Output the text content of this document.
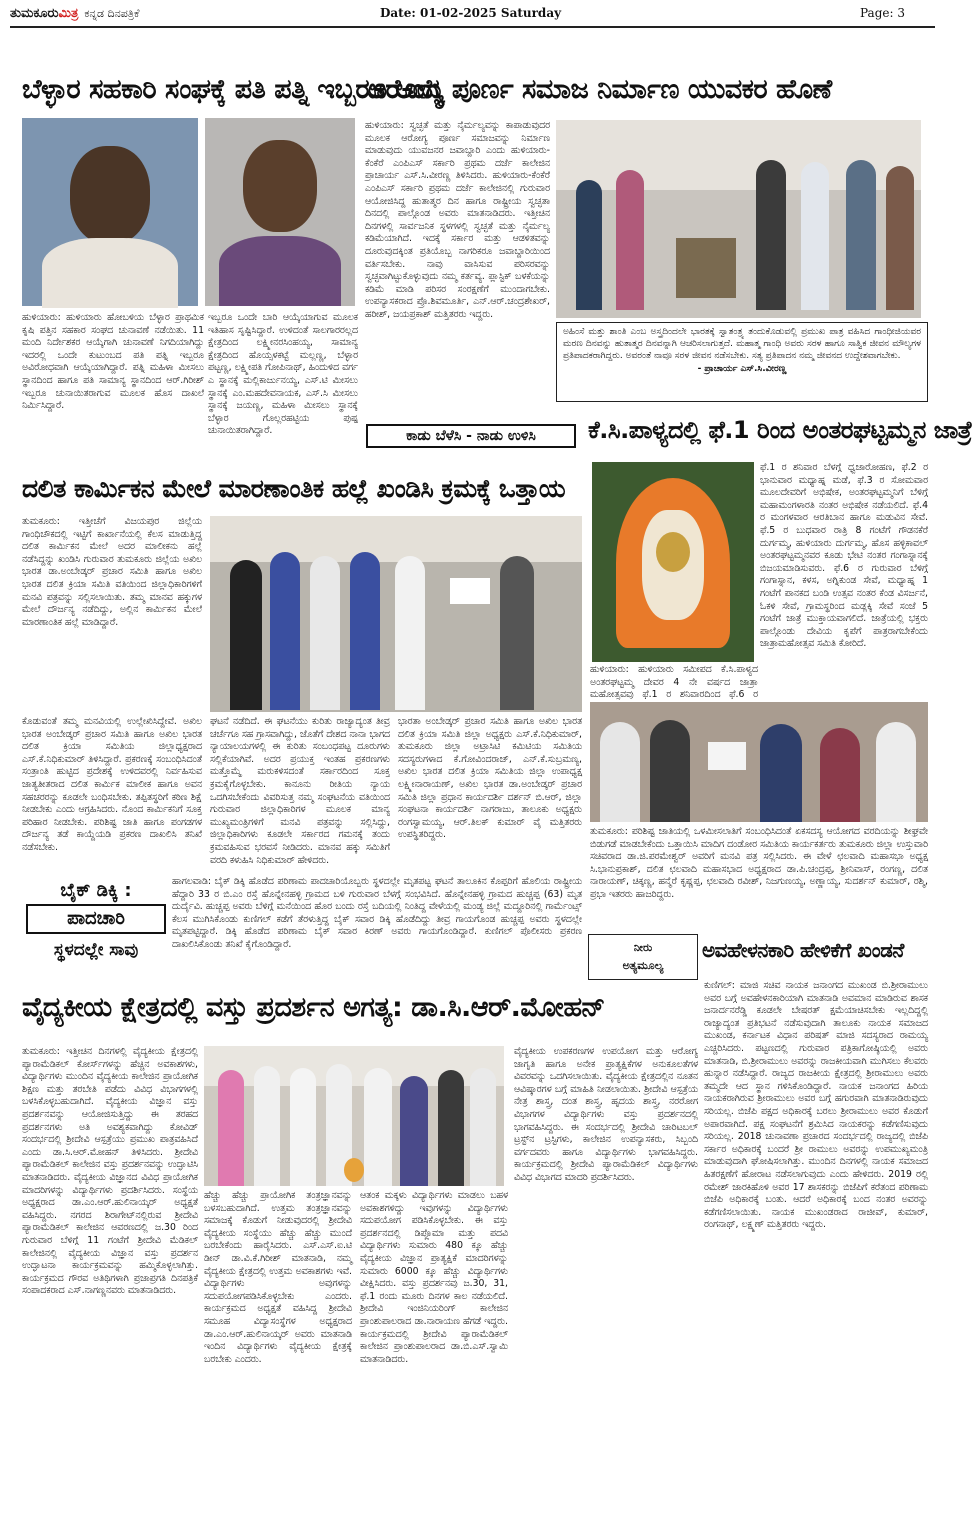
ತುಮಕೂರುಮಿತ್ರ ಕನ್ನಡ ದಿನಪತ್ರಿಕೆ	Date: 01-02-2025 Saturday	Page: 3
ಬೆಳ್ಳಾರ ಸಹಕಾರಿ ಸಂಘಕ್ಕೆ ಪತಿ ಪತ್ನಿ ಇಬ್ಬರೂ ಆಯ್ಕೆ
ಹುಳಿಯಾರು: ಹುಳಿಯಾರು ಹೋಬಳಿಯ ಬೆಳ್ಳಾರ ಪ್ರಾಥಮಿಕ ಕೃಷಿ ಪತ್ತಿನ ಸಹಕಾರ ಸಂಘದ ಚುನಾವಣೆ ನಡೆಯಿತು. 11 ಮಂದಿ ನಿರ್ದೇಶಕರ ಆಯ್ಕೆಗಾಗಿ ಚುನಾವಣೆ ನಿಗದಿಯಾಗಿದ್ದು ಇದರಲ್ಲಿ ಒಂದೇ ಕುಟುಂಬದ ಪತಿ ಪತ್ನಿ ಇಬ್ಬರೂ ಅವಿರೋಧವಾಗಿ ಆಯ್ಕೆಯಾಗಿದ್ದಾರೆ. ಪತ್ನಿ ಮಹಿಳಾ ಮೀಸಲು ಸ್ಥಾನದಿಂದ ಹಾಗೂ ಪತಿ ಸಾಮಾನ್ಯ ಸ್ಥಾನದಿಂದ ಆರ್.ಗಿರೀಶ್ ಇಬ್ಬರೂ ಚುನಾಯಿತರಾಗುವ ಮೂಲಕ ಹೊಸ ದಾಖಲೆ ನಿರ್ಮಿಸಿದ್ದಾರೆ.
ಇಬ್ಬರೂ ಒಂದೇ ಬಾರಿ ಆಯ್ಕೆಯಾಗುವ ಮೂಲಕ ಇತಿಹಾಸ ಸೃಷ್ಟಿಸಿದ್ದಾರೆ. ಉಳಿದಂತೆ ಸಾಲಗಾರರಲ್ಲದ ಕ್ಷೇತ್ರದಿಂದ ಲಕ್ಷ್ಮೀನರಸಿಂಹಯ್ಯ, ಸಾಮಾನ್ಯ ಕ್ಷೇತ್ರದಿಂದ ಹೊಯ್ಸಳಕಟ್ಟೆ ಮಲ್ಲಣ್ಣ, ಬೆಳ್ಳಾರ ಪಟ್ಟಣ್ಣ, ಲಕ್ಷ್ಮೀಪತಿ ಗೋಪಿನಾಥ್, ಹಿಂದುಳಿದ ವರ್ಗ ಎ ಸ್ಥಾನಕ್ಕೆ ಮಲ್ಲಿಕಾರ್ಜುನಯ್ಯ, ಎಸ್.ಟಿ ಮೀಸಲು ಸ್ಥಾನಕ್ಕೆ ಎಂ.ಮಹದೇವನಾಯಕ, ಎಸ್.ಸಿ ಮೀಸಲು ಸ್ಥಾನಕ್ಕೆ ಜಯಣ್ಣ, ಮಹಿಳಾ ಮೀಸಲು ಸ್ಥಾನಕ್ಕೆ ಬೆಳ್ಳಾರ ಗೊಲ್ಲರಹಟ್ಟಿಯ ಪುಷ್ಪ ಚುನಾಯಿತರಾಗಿದ್ದಾರೆ.
ಆರೋಗ್ಯ ಪೂರ್ಣ ಸಮಾಜ ನಿರ್ಮಾಣ ಯುವಕರ ಹೊಣೆ
ಹುಳಿಯಾರು: ಸ್ವಚ್ಛತೆ ಮತ್ತು ನೈರ್ಮಲ್ಯವನ್ನು ಕಾಪಾಡುವುದರ ಮೂಲಕ ಆರೋಗ್ಯ ಪೂರ್ಣ ಸಮಾಜವನ್ನು ನಿರ್ಮಾಣ ಮಾಡುವುದು ಯುವಜನರ ಜವಾಬ್ದಾರಿ ಎಂದು ಹುಳಿಯಾರು-ಕೆಂಕೆರೆ ಎಂಪಿಎಸ್ ಸರ್ಕಾರಿ ಪ್ರಥಮ ದರ್ಜೆ ಕಾಲೇಜಿನ ಪ್ರಾಚಾರ್ಯ ಎಸ್.ಸಿ.ವೀರಣ್ಣ ತಿಳಿಸಿದರು. ಹುಳಿಯಾರು-ಕೆಂಕೆರೆ ಎಂಪಿಎಸ್ ಸರ್ಕಾರಿ ಪ್ರಥಮ ದರ್ಜೆ ಕಾಲೇಜಿನಲ್ಲಿ ಗುರುವಾರ ಆಯೋಜಿಸಿದ್ದ ಹುತಾತ್ಮರ ದಿನ ಹಾಗೂ ರಾಷ್ಟ್ರೀಯ ಸ್ವಚ್ಛತಾ ದಿನದಲ್ಲಿ ಪಾಲ್ಗೊಂಡ ಅವರು ಮಾತನಾಡಿದರು. ಇತ್ತೀಚಿನ ದಿನಗಳಲ್ಲಿ ಸಾರ್ವಜನಿಕ ಸ್ಥಳಗಳಲ್ಲಿ ಸ್ವಚ್ಛತೆ ಮತ್ತು ನೈರ್ಮಲ್ಯ ಕಡಿಮೆಯಾಗಿದೆ. ಇದಕ್ಕೆ ಸರ್ಕಾರ ಮತ್ತು ಆಡಳಿತವನ್ನು ದೂರುವುದಕ್ಕಿಂತ ಪ್ರತಿಯೊಬ್ಬ ನಾಗರಿಕರೂ ಜವಾಬ್ದಾರಿಯಿಂದ ವರ್ತಿಸಬೇಕು. ನಾವು ವಾಸಿಸುವ ಪರಿಸರವನ್ನು ಸ್ವಚ್ಛವಾಗಿಟ್ಟುಕೊಳ್ಳುವುದು ನಮ್ಮ ಕರ್ತವ್ಯ. ಪ್ಲಾಸ್ಟಿಕ್ ಬಳಕೆಯನ್ನು ಕಡಿಮೆ ಮಾಡಿ ಪರಿಸರ ಸಂರಕ್ಷಣೆಗೆ ಮುಂದಾಗಬೇಕು. ಉಪನ್ಯಾಸಕರಾದ ಪ್ರೊ.ಶಿವಮೂರ್ತಿ, ಎನ್.ಆರ್.ಚಂದ್ರಶೇಖರ್, ಹರೀಶ್, ಜಯಪ್ರಕಾಶ್ ಮತ್ತಿತರರು ಇದ್ದರು.
ಅಹಿಂಸೆ ಮತ್ತು ಶಾಂತಿ ಎಂಬ ಅಸ್ತ್ರದಿಂದಲೇ ಭಾರತಕ್ಕೆ ಸ್ವಾತಂತ್ರ್ಯ ತಂದುಕೊಡುವಲ್ಲಿ ಪ್ರಮುಖ ಪಾತ್ರ ವಹಿಸಿದ ಗಾಂಧೀಜಿಯವರ ಮರಣ ದಿನವನ್ನು ಹುತಾತ್ಮರ ದಿನವನ್ನಾಗಿ ಆಚರಿಸಲಾಗುತ್ತದೆ. ಮಹಾತ್ಮ ಗಾಂಧಿ ಅವರು ಸರಳ ಹಾಗೂ ಸಾತ್ವಿಕ ಜೀವನ ಮೌಲ್ಯಗಳ ಪ್ರತಿಪಾದಕರಾಗಿದ್ದರು. ಅವರಂತೆ ನಾವೂ ಸರಳ ಜೀವನ ನಡೆಸಬೇಕು. ಸತ್ಯ ಪ್ರತಿಪಾದನ ನಮ್ಮ ಜೀವನದ ಉದ್ದೇಶವಾಗಬೇಕು.
- ಪ್ರಾಚಾರ್ಯ ಎಸ್.ಸಿ.ವೀರಣ್ಣ
ಕಾಡು ಬೆಳೆಸಿ - ನಾಡು ಉಳಿಸಿ	ಕೆ.ಸಿ.ಪಾಳ್ಯದಲ್ಲಿ ಫೆ.1 ರಿಂದ ಅಂತರಘಟ್ಟಮ್ಮನ ಜಾತ್ರೆ
ಹುಳಿಯಾರು: ಹುಳಿಯಾರು ಸಮೀಪದ ಕೆ.ಸಿ.ಪಾಳ್ಯದ ಅಂತರಘಟ್ಟಮ್ಮ ದೇವರ 4 ನೇ ವರ್ಷದ ಜಾತ್ರಾ ಮಹೋತ್ಸವವು ಫೆ.1 ರ ಶನಿವಾರದಿಂದ ಫೆ.6 ರ
ಫೆ.1 ರ ಶನಿವಾರ ಬೆಳಗ್ಗೆ ಧ್ವಜಾರೋಹಣ, ಫೆ.2 ರ ಭಾನುವಾರ ಮಧ್ಯಾಹ್ನ ಮಡೆ, ಫೆ.3 ರ ಸೋಮವಾರ ಮೂಲದೇವರಿಗೆ ಅಭಿಷೇಕ, ಅಂತರಘಟ್ಟಮ್ಮನಿಗೆ ಬೆಳಿಗ್ಗೆ ಮಹಾಮಂಗಳಾರತಿ ನಂತರ ಅಭಿಷೇಕ ನಡೆಯಲಿದೆ. ಫೆ.4 ರ ಮಂಗಳವಾರ ಆರತಿಬಾನ ಹಾಗೂ ಮಡುವಿನ ಸೇವೆ. ಫೆ.5 ರ ಬುಧವಾರ ರಾತ್ರಿ 8 ಗಂಟೆಗೆ ಗೌಡನಕೆರೆ ದುರ್ಗಮ್ಮ, ಹುಳಿಯಾರು ದುರ್ಗಮ್ಮ, ಹೊಸ ಹಳ್ಳಿಕಾವಲ್ ಅಂತರಘಟ್ಟಮ್ಮನವರ ಕೂಡು ಭೇಟಿ ನಂತರ ಗಂಗಾಸ್ನಾನಕ್ಕೆ ಬಿಜಯಮಾಡಿಸುವರು. ಫೆ.6 ರ ಗುರುವಾರ ಬೆಳಿಗ್ಗೆ ಗಂಗಾಸ್ನಾನ, ಕಳಸ, ಅಗ್ನಿಕುಂಡ ಸೇವೆ, ಮಧ್ಯಾಹ್ನ 1 ಗಂಟೆಗೆ ಪಾನಕದ ಬಂಡಿ ಉತ್ಸವ ನಂತರ ಕೆಂಡ ವಿಸರ್ಜನೆ, ಓಕಳಿ ಸೇವೆ, ಗ್ರಾಮಸ್ಥರಿಂದ ಮಡ್ಲಕ್ಕಿ ಸೇವೆ ಸಂಜೆ 5 ಗಂಟೆಗೆ ಜಾತ್ರೆ ಮುಕ್ತಾಯವಾಗಲಿದೆ. ಜಾತ್ರೆಯಲ್ಲಿ ಭಕ್ತರು ಪಾಲ್ಗೊಂಡು ದೇವಿಯ ಕೃಪೆಗೆ ಪಾತ್ರರಾಗಬೇಕೆಂದು ಜಾತ್ರಾಮಹೋತ್ಸವ ಸಮಿತಿ ಕೋರಿದೆ.
ದಲಿತ ಕಾರ್ಮಿಕನ ಮೇಲೆ ಮಾರಣಾಂತಿಕ ಹಲ್ಲೆ ಖಂಡಿಸಿ ಕ್ರಮಕ್ಕೆ ಒತ್ತಾಯ
ತುಮಕೂರು: ಇತ್ತೀಚೆಗೆ ವಿಜಯಪುರ ಜಿಲ್ಲೆಯ ಗಾಂಧಿಚೌಕದಲ್ಲಿ ಇಟ್ಟಿಗೆ ಕಾರ್ಖಾನೆಯಲ್ಲಿ ಕೆಲಸ ಮಾಡುತ್ತಿದ್ದ ದಲಿತ ಕಾರ್ಮಿಕನ ಮೇಲೆ ಅದರ ಮಾಲೀಕನು ಹಲ್ಲೆ ನಡೆಸಿದ್ದನ್ನು ಖಂಡಿಸಿ ಗುರುವಾರ ತುಮಕೂರು ಜಿಲ್ಲೆಯ ಅಖಿಲ ಭಾರತ ಡಾ.ಅಂಬೇಡ್ಕರ್ ಪ್ರಚಾರ ಸಮಿತಿ ಹಾಗೂ ಅಖಿಲ ಭಾರತ ದಲಿತ ಕ್ರಿಯಾ ಸಮಿತಿ ವತಿಯಿಂದ ಜಿಲ್ಲಾಧಿಕಾರಿಗಳಿಗೆ ಮನವಿ ಪತ್ರವನ್ನು ಸಲ್ಲಿಸಲಾಯಿತು. ತಮ್ಮ ಮಾನವ ಹಕ್ಕುಗಳ ಮೇಲೆ ದೌರ್ಜನ್ಯ ನಡೆದಿದ್ದು, ಅಲ್ಲಿನ ಕಾರ್ಮಿಕನ ಮೇಲೆ ಮಾರಣಾಂತಿಕ ಹಲ್ಲೆ ಮಾಡಿದ್ದಾರೆ.
ಕೊಡುವಂತೆ ತಮ್ಮ ಮನವಿಯಲ್ಲಿ ಉಲ್ಲೇಖಿಸಿದ್ದೇವೆ. ಅಖಿಲ ಭಾರತ ಅಂಬೇಡ್ಕರ್ ಪ್ರಚಾರ ಸಮಿತಿ ಹಾಗೂ ಅಖಿಲ ಭಾರತ ದಲಿತ ಕ್ರಿಯಾ ಸಮಿತಿಯ ಜಿಲ್ಲಾಧ್ಯಕ್ಷರಾದ ಎಸ್.ಕೆ.ನಿಧಿಕುಮಾರ್ ತಿಳಿಸಿದ್ದಾರೆ. ಪ್ರಕರಣಕ್ಕೆ ಸಂಬಂಧಿಸಿದಂತೆ ಸಂತ್ರಾಂತಿ ಹುಟ್ಟಿದ ಪ್ರದೇಶಕ್ಕೆ ಉಳಿದವರಲ್ಲಿ ನಿರ್ವಹಿಸುವ ಜಾತ್ಯತೀತರಾದ ದಲಿತ ಕಾರ್ಮಿಕ ಮಾಲೀಕ ಹಾಗೂ ಅವನ ಸಹಚರರನ್ನು ಕೂಡಲೇ ಬಂಧಿಸಬೇಕು. ತಪ್ಪಿತಸ್ಥರಿಗೆ ಕಠಿಣ ಶಿಕ್ಷೆ ನೀಡಬೇಕು ಎಂದು ಆಗ್ರಹಿಸಿದರು. ನೊಂದ ಕಾರ್ಮಿಕನಿಗೆ ಸೂಕ್ತ ಪರಿಹಾರ ನೀಡಬೇಕು. ಪರಿಶಿಷ್ಟ ಜಾತಿ ಹಾಗೂ ಪಂಗಡಗಳ ದೌರ್ಜನ್ಯ ತಡೆ ಕಾಯ್ದೆಯಡಿ ಪ್ರಕರಣ ದಾಖಲಿಸಿ ತನಿಖೆ ನಡೆಸಬೇಕು.
ಘಟನೆ ನಡೆದಿದೆ. ಈ ಘಟನೆಯು ಕುರಿತು ರಾಜ್ಯಾದ್ಯಂತ ತೀವ್ರ ಚರ್ಚೆಗೂ ಸಹ ಗ್ರಾಸವಾಗಿದ್ದು, ಜೊತೆಗೆ ದೇಶದ ನಾನಾ ಭಾಗದ ನ್ಯಾಯಾಲಯಗಳಲ್ಲಿ ಈ ಕುರಿತು ಸಂಬಂಧಪಟ್ಟ ದೂರುಗಳು ಸಲ್ಲಿಕೆಯಾಗಿವೆ. ಅದರ ಪ್ರಯುಕ್ತ ಇಂತಹ ಪ್ರಕರಣಗಳು ಮತ್ತೊಮ್ಮೆ ಮರುಕಳಿಸದಂತೆ ಸರ್ಕಾರದಿಂದ ಸೂಕ್ತ ಕ್ರಮಕೈಗೊಳ್ಳಬೇಕು. ಕಾನೂನು ರೀತಿಯ ನ್ಯಾಯ ಒದಗಿಸಬೇಕೆಂದು ವಿವರಿಸುತ್ತ ನಮ್ಮ ಸಂಘಟನೆಯ ವತಿಯಿಂದ ಗುರುವಾರ ಜಿಲ್ಲಾಧಿಕಾರಿಗಳ ಮೂಲಕ ಮಾನ್ಯ ಮುಖ್ಯಮಂತ್ರಿಗಳಿಗೆ ಮನವಿ ಪತ್ರವನ್ನು ಸಲ್ಲಿಸಿದ್ದು, ಜಿಲ್ಲಾಧಿಕಾರಿಗಳು ಕೂಡಲೇ ಸರ್ಕಾರದ ಗಮನಕ್ಕೆ ತಂದು ಕ್ರಮವಹಿಸುವ ಭರವಸೆ ನೀಡಿದರು. ಮಾನವ ಹಕ್ಕು ಸಮಿತಿಗೆ ವರದಿ ಕಳುಹಿಸಿ ನಿಧಿಕುಮಾರ್ ಹೇಳಿದರು.
ಭಾರತಾ ಅಂಬೇಡ್ಕರ್ ಪ್ರಚಾರ ಸಮಿತಿ ಹಾಗೂ ಅಖಿಲ ಭಾರತ ದಲಿತ ಕ್ರಿಯಾ ಸಮಿತಿ ಜಿಲ್ಲಾ ಅಧ್ಯಕ್ಷರು ಎಸ್.ಕೆ.ನಿಧಿಕುಮಾರ್, ತುಮಕೂರು ಜಿಲ್ಲಾ ಅಟ್ರಾಸಿಟಿ ಕಮಿಟಿಯ ಸಮಿತಿಯ ಸದಸ್ಯರುಗಳಾದ ಕೆ.ಗೋವಿಂದರಾಜ್, ಎನ್.ಕೆ.ಸುಬ್ರಮಣ್ಯ, ಅಖಿಲ ಭಾರತ ದಲಿತ ಕ್ರಿಯಾ ಸಮಿತಿಯ ಜಿಲ್ಲಾ ಉಪಾಧ್ಯಕ್ಷ ಲಕ್ಷ್ಮೀನಾರಾಯಣ್, ಅಖಿಲ ಭಾರತ ಡಾ.ಅಂಬೇಡ್ಕರ್ ಪ್ರಚಾರ ಸಮಿತಿ ಜಿಲ್ಲಾ ಪ್ರಧಾನ ಕಾರ್ಯದರ್ಶಿ ದರ್ಶನ್ ಬಿ.ಆರ್, ಜಿಲ್ಲಾ ಸಂಘಟನಾ ಕಾರ್ಯದರ್ಶಿ ನಾಗರಾಜು, ತಾಲೂಕು ಅಧ್ಯಕ್ಷರು ರಂಗಸ್ವಾಮಯ್ಯ, ಆರ್.ತಿಲಕ್ ಕುಮಾರ್ ವೈ ಮತ್ತಿತರರು ಉಪಸ್ಥಿತರಿದ್ದರು.	ತುಮಕೂರು: ಪರಿಶಿಷ್ಟ ಜಾತಿಯಲ್ಲಿ ಒಳಮೀಸಲಾತಿಗೆ ಸಂಬಂಧಿಸಿದಂತೆ ಏಕಸದಸ್ಯ ಆಯೋಗದ ವರದಿಯನ್ನು ಶೀಘ್ರವೇ ಬಿಡುಗಡೆ ಮಾಡಬೇಕೆಂದು ಒತ್ತಾಯಿಸಿ ಮಾದಿಗ ದಂಡೋರ ಸಮಿತಿಯ ಕಾರ್ಯಕರ್ತರು ತುಮಕೂರು ಜಿಲ್ಲಾ ಉಸ್ತುವಾರಿ ಸಚಿವರಾದ ಡಾ.ಜಿ.ಪರಮೇಶ್ವರ್ ಅವರಿಗೆ ಮನವಿ ಪತ್ರ ಸಲ್ಲಿಸಿದರು. ಈ ವೇಳೆ ಛಲವಾದಿ ಮಹಾಸಭಾ ಅಧ್ಯಕ್ಷ ಸಿ.ಭಾನುಪ್ರಕಾಶ್, ದಲಿತ ಛಲವಾದಿ ಮಹಾಸಭಾದ ಅಧ್ಯಕ್ಷರಾದ ಡಾ.ಪಿ.ಚಂದ್ರಪ್ಪ, ಶ್ರೀನಿವಾಸ್, ರಂಗಣ್ಣ, ದಲಿತ ನಾರಾಯಣ್, ಚಿಕ್ಕಣ್ಣ, ಹನ್ಮೆರೆ ಕೃಷ್ಣಪ್ಪ, ಛಲವಾದಿ ರವೀಶ್, ನಿಜಗುಣಯ್ಯ, ಅಣ್ಣಾಯ್ಯ, ಸುದರ್ಶನ್ ಕುಮಾರ್, ರಶ್ಮಿ, ಪ್ರಭಾ ಇತರರು ಹಾಜರಿದ್ದರು.
ಬೈಕ್ ಡಿಕ್ಕಿ :
ಪಾದಚಾರಿ
ಸ್ಥಳದಲ್ಲೇ ಸಾವು
ಹಾಗಲವಾಡಿ: ಬೈಕ್ ಡಿಕ್ಕಿ ಹೊಡೆದ ಪರಿಣಾಮ ಪಾದಚಾರಿಯೊಬ್ಬರು ಸ್ಥಳದಲ್ಲೇ ಮೃತಪಟ್ಟ ಘಟನೆ ತಾಲೂಕಿನ ಕೊಪ್ಪರಿಗೆ ಹೊಲಿಯ ರಾಷ್ಟ್ರೀಯ ಹೆದ್ದಾರಿ 33 ರ ಬಿ.ಎಂ ರಸ್ತೆ ಹೊನ್ನೇನಹಳ್ಳಿ ಗ್ರಾಮದ ಬಳಿ ಗುರುವಾರ ಬೆಳಗ್ಗೆ ಸಂಭವಿಸಿದೆ. ಹೊನ್ನೇನಹಳ್ಳಿ ಗ್ರಾಮದ ಹುಚ್ಚಪ್ಪ (63) ಮೃತ ದುರ್ದೈವಿ. ಹುಚ್ಚಪ್ಪ ಅವರು ಬೆಳಿಗ್ಗೆ ಮನೆಯಿಂದ ಹೊರ ಬಂದು ರಸ್ತೆ ಬದಿಯಲ್ಲಿ ನಿಂತಿದ್ದ ವೇಳೆಯಲ್ಲಿ ಮಂಡ್ಯ ಜಿಲ್ಲೆ ಮದ್ದೂರಿನಲ್ಲಿ ಗಾರ್ಮೆಂಟ್ಸ್ ಕೆಲಸ ಮುಗಿಸಿಕೊಂಡು ಕುಣಿಗಲ್ ಕಡೆಗೆ ತೆರಳುತ್ತಿದ್ದ ಬೈಕ್ ಸವಾರ ಡಿಕ್ಕಿ ಹೊಡೆದಿದ್ದು ತೀವ್ರ ಗಾಯಗೊಂಡ ಹುಚ್ಚಪ್ಪ ಅವರು ಸ್ಥಳದಲ್ಲೇ ಮೃತಪಟ್ಟಿದ್ದಾರೆ. ಡಿಕ್ಕಿ ಹೊಡೆದ ಪರಿಣಾಮ ಬೈಕ್ ಸವಾರ ಕಿರಣ್ ಅವರು ಗಾಯಗೊಂಡಿದ್ದಾರೆ. ಕುಣಿಗಲ್ ಪೊಲೀಸರು ಪ್ರಕರಣ ದಾಖಲಿಸಿಕೊಂಡು ತನಿಖೆ ಕೈಗೊಂಡಿದ್ದಾರೆ.	ನೀರು
ಅತ್ಯಮೂಲ್ಯ
ಅವಹೇಳನಕಾರಿ ಹೇಳಿಕೆಗೆ ಖಂಡನೆ
ಕುಣಿಗಲ್: ಮಾಜಿ ಸಚಿವ ನಾಯಕ ಜನಾಂಗದ ಮುಖಂಡ ಬಿ.ಶ್ರೀರಾಮುಲು ಅವರ ಬಗ್ಗೆ ಅವಹೇಳನಕಾರಿಯಾಗಿ ಮಾತನಾಡಿ ಅವಮಾನ ಮಾಡಿರುವ ಶಾಸಕ ಜನಾರ್ದನರೆಡ್ಡಿ ಕೂಡಲೇ ಬೇಷರತ್ ಕ್ಷಮೆಯಾಚಿಸಬೇಕು ಇಲ್ಲದಿದ್ದಲ್ಲಿ ರಾಜ್ಯಾದ್ಯಂತ ಪ್ರತಿಭಟನೆ ನಡೆಸುವುದಾಗಿ ತಾಲೂಕು ನಾಯಕ ಸಮಾಜದ ಮುಖಂಡ, ಕರ್ನಾಟಕ ವಿಧಾನ ಪರಿಷತ್ ಮಾಜಿ ಸದಸ್ಯರಾದ ರಾಮಯ್ಯ ಎಚ್ಚರಿಸಿದರು. ಪಟ್ಟಣದಲ್ಲಿ ಗುರುವಾರ ಪತ್ರಿಕಾಗೋಷ್ಠಿಯಲ್ಲಿ ಅವರು ಮಾತನಾಡಿ, ಬಿ.ಶ್ರೀರಾಮುಲು ಅವರನ್ನು ರಾಜಕೀಯವಾಗಿ ಮುಗಿಸಲು ಕೆಲವರು ಹುನ್ನಾರ ನಡೆಸಿದ್ದಾರೆ. ರಾಜ್ಯದ ರಾಜಕೀಯ ಕ್ಷೇತ್ರದಲ್ಲಿ ಶ್ರೀರಾಮುಲು ಅವರು ತಮ್ಮದೇ ಆದ ಸ್ಥಾನ ಗಳಿಸಿಕೊಂಡಿದ್ದಾರೆ. ನಾಯಕ ಜನಾಂಗದ ಹಿರಿಯ ನಾಯಕರಾಗಿರುವ ಶ್ರೀರಾಮುಲು ಅವರ ಬಗ್ಗೆ ಹಗುರವಾಗಿ ಮಾತನಾಡಿರುವುದು ಸರಿಯಲ್ಲ. ಬಿಜೆಪಿ ಪಕ್ಷದ ಅಧಿಕಾರಕ್ಕೆ ಬರಲು ಶ್ರೀರಾಮುಲು ಅವರ ಕೊಡುಗೆ ಅಪಾರವಾಗಿದೆ. ಪಕ್ಷ ಸಂಘಟನೆಗೆ ಶ್ರಮಿಸಿದ ನಾಯಕರನ್ನು ಕಡೆಗಣಿಸುವುದು ಸರಿಯಲ್ಲ. 2018 ಚುನಾವಣಾ ಪ್ರಚಾರದ ಸಂದರ್ಭದಲ್ಲಿ ರಾಜ್ಯದಲ್ಲಿ ಬಿಜೆಪಿ ಸರ್ಕಾರ ಅಧಿಕಾರಕ್ಕೆ ಬಂದರೆ ಶ್ರೀ ರಾಮುಲು ಅವರನ್ನು ಉಪಮುಖ್ಯಮಂತ್ರಿ ಮಾಡುವುದಾಗಿ ಘೋಷಿಸಲಾಗಿತ್ತು. ಮುಂದಿನ ದಿನಗಳಲ್ಲಿ ನಾಯಕ ಸಮಾಜದ ಹಿತರಕ್ಷಣೆಗೆ ಹೋರಾಟ ನಡೆಸಲಾಗುವುದು ಎಂದು ಹೇಳಿದರು. 2019 ರಲ್ಲಿ ರಮೇಶ್ ಜಾರಕಿಹೊಳಿ ಅವರ 17 ಶಾಸಕರನ್ನು ಬಿಜೆಪಿಗೆ ಕರೆತಂದ ಪರಿಣಾಮ ಬಿಜೆಪಿ ಅಧಿಕಾರಕ್ಕೆ ಬಂತು. ಆದರೆ ಅಧಿಕಾರಕ್ಕೆ ಬಂದ ನಂತರ ಅವರನ್ನು ಕಡೆಗಣಿಸಲಾಯಿತು. ನಾಯಕ ಮುಖಂಡರಾದ ರಾಜೀವ್, ಕುಮಾರ್, ರಂಗನಾಥ್, ಲಕ್ಷ್ಮಣ್ ಮತ್ತಿತರರು ಇದ್ದರು.
ವೈದ್ಯಕೀಯ ಕ್ಷೇತ್ರದಲ್ಲಿ ವಸ್ತು ಪ್ರದರ್ಶನ ಅಗತ್ಯ: ಡಾ.ಸಿ.ಆರ್.ಮೋಹನ್
ತುಮಕೂರು: ಇತ್ತೀಚಿನ ದಿನಗಳಲ್ಲಿ ವೈದ್ಯಕೀಯ ಕ್ಷೇತ್ರದಲ್ಲಿ ಪ್ಯಾರಾಮೆಡಿಕಲ್ ಕೋರ್ಸ್‌ಗಳನ್ನು ಹೆಚ್ಚಿನ ಅವಕಾಶಗಳು, ವಿದ್ಯಾರ್ಥಿಗಳು ಮುಂದಿನ ವೈದ್ಯಕೀಯ ಕಾಲೇಜಿನ ಪ್ರಾಯೋಗಿಕ ಶಿಕ್ಷಣ ಮತ್ತು ತರಬೇತಿ ಪಡೆದು ವಿವಿಧ ವಿಭಾಗಗಳಲ್ಲಿ ಬಳಸಿಕೊಳ್ಳಬಹುದಾಗಿದೆ. ವೈದ್ಯಕೀಯ ವಿಜ್ಞಾನ ವಸ್ತು ಪ್ರದರ್ಶನವನ್ನು ಆಯೋಜಿಸುತ್ತಿದ್ದು ಈ ತರಹದ ಪ್ರದರ್ಶನಗಳು ಅತಿ ಅವಶ್ಯಕವಾಗಿದ್ದು ಕೋವಿಡ್ ಸಂದರ್ಭದಲ್ಲಿ ಶ್ರೀದೇವಿ ಆಸ್ಪತ್ರೆಯು ಪ್ರಮುಖ ಪಾತ್ರವಹಿಸಿದೆ ಎಂದು ಡಾ.ಸಿ.ಆರ್.ಮೋಹನ್ ತಿಳಿಸಿದರು. ಶ್ರೀದೇವಿ ಪ್ಯಾರಾಮೆಡಿಕಲ್ ಕಾಲೇಜಿನ ವಸ್ತು ಪ್ರದರ್ಶನವನ್ನು ಉದ್ಘಾಟಿಸಿ ಮಾತನಾಡಿದರು. ವೈದ್ಯಕೀಯ ವಿಜ್ಞಾನದ ವಿವಿಧ ಪ್ರಾಯೋಗಿಕ ಮಾದರಿಗಳನ್ನು ವಿದ್ಯಾರ್ಥಿಗಳು ಪ್ರದರ್ಶಿಸಿದರು. ಸಂಸ್ಥೆಯ ಅಧ್ಯಕ್ಷರಾದ ಡಾ.ಎಂ.ಆರ್.ಹುಲಿನಾಯ್ಕರ್ ಅಧ್ಯಕ್ಷತೆ ವಹಿಸಿದ್ದರು. ನಗರದ ಶಿರಾಗೇಟ್‌ನಲ್ಲಿರುವ ಶ್ರೀದೇವಿ ಪ್ಯಾರಾಮೆಡಿಕಲ್ ಕಾಲೇಜಿನ ಆವರಣದಲ್ಲಿ ಜ.30 ರಿಂದ ಗುರುವಾರ ಬೆಳಿಗ್ಗೆ 11 ಗಂಟೆಗೆ ಶ್ರೀದೇವಿ ಮೆಡಿಕಲ್ ಕಾಲೇಜಿನಲ್ಲಿ ವೈದ್ಯಕೀಯ ವಿಜ್ಞಾನ ವಸ್ತು ಪ್ರದರ್ಶನ ಉದ್ಘಾಟನಾ ಕಾರ್ಯಕ್ರಮವನ್ನು ಹಮ್ಮಿಕೊಳ್ಳಲಾಗಿತ್ತು. ಕಾರ್ಯಕ್ರಮದ ಗೌರವ ಅತಿಥಿಗಳಾಗಿ ಪ್ರಜಾಪ್ರಗತಿ ದಿನಪತ್ರಿಕೆ ಸಂಪಾದಕರಾದ ಎಸ್.ನಾಗಣ್ಣನವರು ಮಾತನಾಡಿದರು.
ಹೆಚ್ಚು ಹೆಚ್ಚು ಪ್ರಾಯೋಗಿಕ ತಂತ್ರಜ್ಞಾನವನ್ನು ಬಳಸಬಹುದಾಗಿದೆ. ಉತ್ತಮ ತಂತ್ರಜ್ಞಾನವನ್ನು ಸಮಾಜಕ್ಕೆ ಕೊಡುಗೆ ನೀಡುವುದರಲ್ಲಿ ಶ್ರೀದೇವಿ ವೈದ್ಯಕೀಯ ಸಂಸ್ಥೆಯು ಹೆಚ್ಚು ಹೆಚ್ಚು ಮುಂದೆ ಬರಬೇಕೆಂದು ಹಾರೈಸಿದರು. ಎಸ್.ಎಸ್.ಐ.ಟಿ ಡೀನ್ ಡಾ.ವಿ.ಕೆ.ಗಿರೀಶ್ ಮಾತನಾಡಿ, ನಮ್ಮ ವೈದ್ಯಕೀಯ ಕ್ಷೇತ್ರದಲ್ಲಿ ಉತ್ತಮ ಅವಕಾಶಗಳು ಇವೆ. ವಿದ್ಯಾರ್ಥಿಗಳು ಅವುಗಳನ್ನು ಸದುಪಯೋಗಪಡಿಸಿಕೊಳ್ಳಬೇಕು ಎಂದರು. ಕಾರ್ಯಕ್ರಮದ ಅಧ್ಯಕ್ಷತೆ ವಹಿಸಿದ್ದ ಶ್ರೀದೇವಿ ಸಮೂಹ ವಿದ್ಯಾಸಂಸ್ಥೆಗಳ ಅಧ್ಯಕ್ಷರಾದ ಡಾ.ಎಂ.ಆರ್.ಹುಲಿನಾಯ್ಕರ್ ಅವರು ಮಾತನಾಡಿ ಇಂದಿನ ವಿದ್ಯಾರ್ಥಿಗಳು ವೈದ್ಯಕೀಯ ಕ್ಷೇತ್ರಕ್ಕೆ ಬರಬೇಕು ಎಂದರು.
ಆತಂಕ ಮಕ್ಕಳು ವಿದ್ಯಾರ್ಥಿಗಳು ಮಾಡಲು ಬಹಳ ಅವಕಾಶಗಳಿದ್ದು ಇವುಗಳನ್ನು ವಿದ್ಯಾರ್ಥಿಗಳು ಸದುಪಯೋಗ ಪಡಿಸಿಕೊಳ್ಳಬೇಕು. ಈ ವಸ್ತು ಪ್ರದರ್ಶನದಲ್ಲಿ ಡಿಪ್ಲೊಮಾ ಮತ್ತು ಪದವಿ ವಿದ್ಯಾರ್ಥಿಗಳು ಸುಮಾರು 480 ಕ್ಕೂ ಹೆಚ್ಚು ವೈದ್ಯಕೀಯ ವಿಜ್ಞಾನ ಪ್ರಾತ್ಯಕ್ಷಿಕೆ ಮಾದರಿಗಳನ್ನು ಸುಮಾರು 6000 ಕ್ಕೂ ಹೆಚ್ಚು ವಿದ್ಯಾರ್ಥಿಗಳು ವೀಕ್ಷಿಸಿದರು. ವಸ್ತು ಪ್ರದರ್ಶನವು ಜ.30, 31, ಫೆ.1 ರಂದು ಮೂರು ದಿನಗಳ ಕಾಲ ನಡೆಯಲಿದೆ. ಶ್ರೀದೇವಿ ಇಂಜಿನಿಯರಿಂಗ್ ಕಾಲೇಜಿನ ಪ್ರಾಂಶುಪಾಲರಾದ ಡಾ.ನಾರಾಯಣ ಹೆಗಡೆ ಇದ್ದರು. ಕಾರ್ಯಕ್ರಮದಲ್ಲಿ ಶ್ರೀದೇವಿ ಪ್ಯಾರಾಮೆಡಿಕಲ್ ಕಾಲೇಜಿನ ಪ್ರಾಂಶುಪಾಲರಾದ ಡಾ.ಬಿ.ಎಸ್.ಸ್ವಾಮಿ ಮಾತನಾಡಿದರು.
ವೈದ್ಯಕೀಯ ಉಪಕರಣಗಳ ಉಪಯೋಗ ಮತ್ತು ಆರೋಗ್ಯ ಜಾಗೃತಿ ಹಾಗೂ ಅನೇಕ ಪ್ರಾತ್ಯಕ್ಷಿಕೆಗಳ ಅನುಕೂಲತೆಗಳ ವಿವರವನ್ನು ಒದಗಿಸಲಾಯಿತು. ವೈದ್ಯಕೀಯ ಕ್ಷೇತ್ರದಲ್ಲಿನ ನೂತನ ಆವಿಷ್ಕಾರಗಳ ಬಗ್ಗೆ ಮಾಹಿತಿ ನೀಡಲಾಯಿತು. ಶ್ರೀದೇವಿ ಆಸ್ಪತ್ರೆಯ ನೇತ್ರ ಶಾಸ್ತ್ರ, ದಂತ ಶಾಸ್ತ್ರ, ಹೃದಯ ಶಾಸ್ತ್ರ, ನರರೋಗ ವಿಭಾಗಗಳ ವಿದ್ಯಾರ್ಥಿಗಳು ವಸ್ತು ಪ್ರದರ್ಶನದಲ್ಲಿ ಭಾಗವಹಿಸಿದ್ದರು. ಈ ಸಂದರ್ಭದಲ್ಲಿ ಶ್ರೀದೇವಿ ಚಾರಿಟಬಲ್ ಟ್ರಸ್ಟ್‌ನ ಟ್ರಸ್ಟಿಗಳು, ಕಾಲೇಜಿನ ಉಪನ್ಯಾಸಕರು, ಸಿಬ್ಬಂದಿ ವರ್ಗದವರು ಹಾಗೂ ವಿದ್ಯಾರ್ಥಿಗಳು ಭಾಗವಹಿಸಿದ್ದರು. ಕಾರ್ಯಕ್ರಮದಲ್ಲಿ ಶ್ರೀದೇವಿ ಪ್ಯಾರಾಮೆಡಿಕಲ್ ವಿದ್ಯಾರ್ಥಿಗಳು ವಿವಿಧ ವಿಭಾಗದ ಮಾದರಿ ಪ್ರದರ್ಶಿಸಿದರು.
